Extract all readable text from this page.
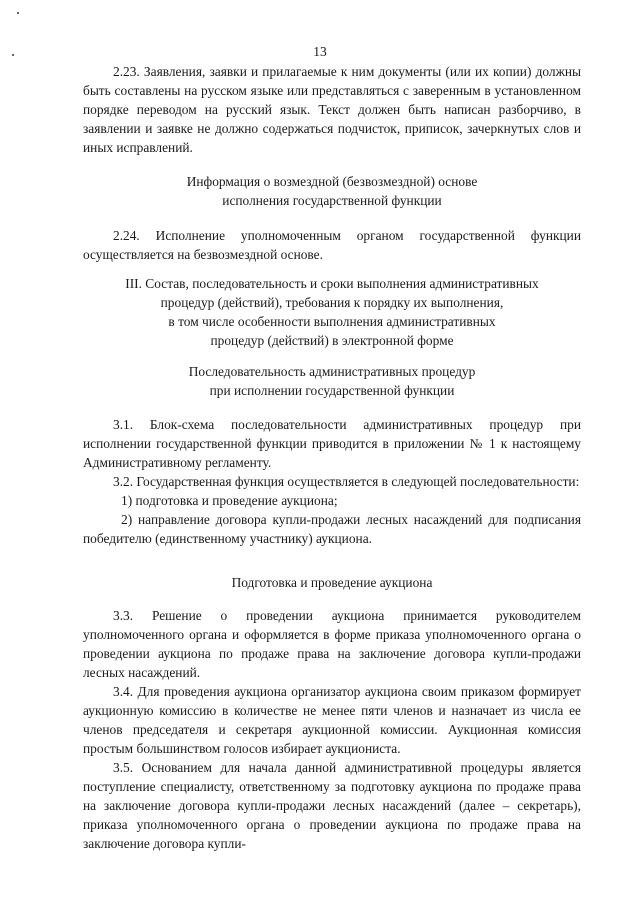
13

2.23. Заявления, заявки и прилагаемые к ним документы (или их копии) должны быть составлены на русском языке или представляться с заверенным в установленном порядке переводом на русский язык. Текст должен быть написан разборчиво, в заявлении и заявке не должно содержаться подчисток, приписок, зачеркнутых слов и иных исправлений.

Информация о возмездной (безвозмездной) основе
исполнения государственной функции

2.24. Исполнение уполномоченным органом государственной функции осуществляется на безвозмездной основе.

III. Состав, последовательность и сроки выполнения административных
процедур (действий), требования к порядку их выполнения,
в том числе особенности выполнения административных
процедур (действий) в электронной форме
Последовательность административных процедур
при исполнении государственной функции

3.1. Блок-схема последовательности административных процедур при исполнении государственной функции приводится в приложении № 1 к настоящему Административному регламенту.

3.2. Государственная функция осуществляется в следующей последовательности:

1) подготовка и проведение аукциона;

2) направление договора купли-продажи лесных насаждений для подписания победителю (единственному участнику) аукциона.

Подготовка и проведение аукциона

3.3. Решение о проведении аукциона принимается руководителем уполномоченного органа и оформляется в форме приказа уполномоченного органа о проведении аукциона по продаже права на заключение договора купли-продажи лесных насаждений.

3.4. Для проведения аукциона организатор аукциона своим приказом формирует аукционную комиссию в количестве не менее пяти членов и назначает из числа ее членов председателя и секретаря аукционной комиссии. Аукционная комиссия простым большинством голосов избирает аукциониста.

3.5. Основанием для начала данной административной процедуры является поступление специалисту, ответственному за подготовку аукциона по продаже права на заключение договора купли-продажи лесных насаждений (далее – секретарь), приказа уполномоченного органа о проведении аукциона по продаже права на заключение договора купли-
